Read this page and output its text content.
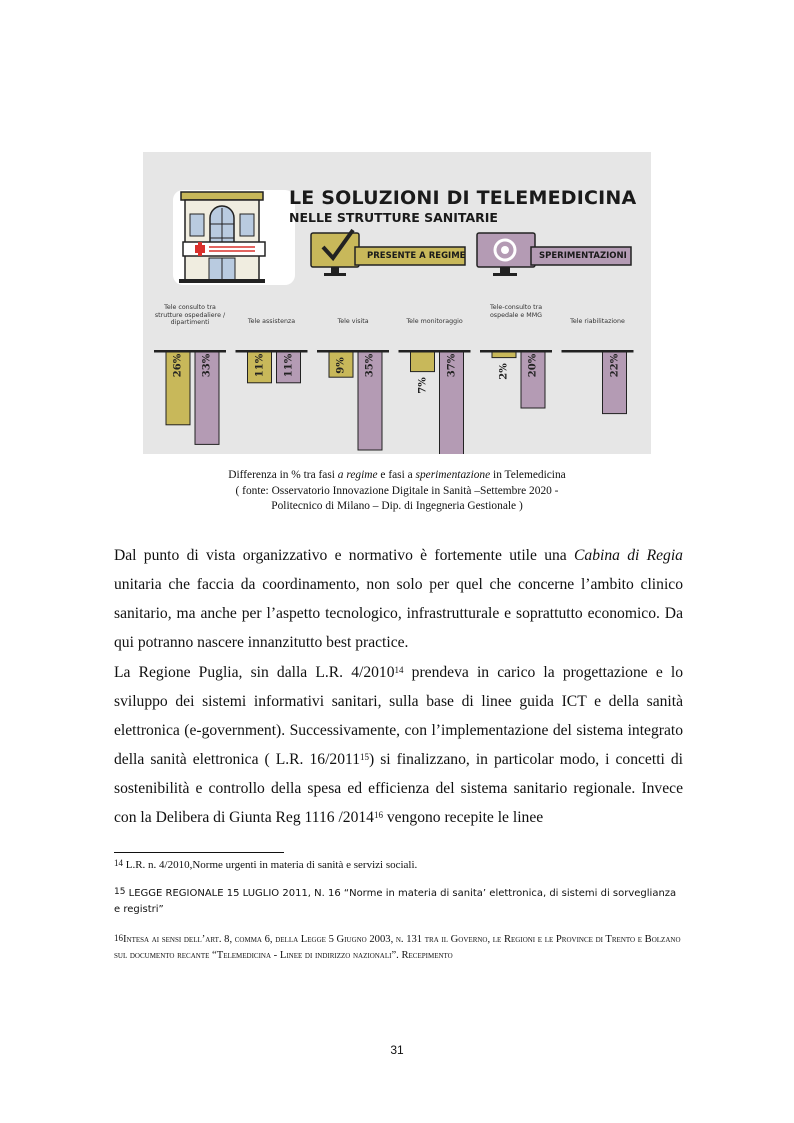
LE SOLUZIONI DI TELEMEDICINA
NELLE STRUTTURE SANITARIE
PRESENTE A REGIME	SPERIMENTAZIONI
Tele consulto tra strutture ospedaliere / dipartimenti	Tele assistenza	Tele visita	Tele monitoraggio
Tele-consulto tra ospedale e MMG
Tele riabilitazione
26% 33%	11% 11%	9% 35%
7%
37%	2% 20%	22%
Differenza in % tra fasi a regime e fasi a sperimentazione in Telemedicina
( fonte: Osservatorio Innovazione Digitale in Sanità –Settembre 2020 -
Politecnico di Milano – Dip. di Ingegneria Gestionale )

Dal punto di vista organizzativo e normativo è fortemente utile una Cabina di Regia unitaria che faccia da coordinamento, non solo per quel che concerne l’ambito clinico sanitario, ma anche per l’aspetto tecnologico, infrastrutturale e soprattutto economico. Da qui potranno nascere innanzitutto best practice.

La Regione Puglia, sin dalla L.R. 4/2010$^{14}$ prendeva in carico la progettazione e lo sviluppo dei sistemi informativi sanitari, sulla base di linee guida ICT e della sanità elettronica (e-government). Successivamente, con l’implementazione del sistema integrato della sanità elettronica ( L.R. 16/2011$^{15}$) si finalizzano, in particolar modo, i concetti di sostenibilità e controllo della spesa ed efficienza del sistema sanitario regionale. Invece con la Delibera di Giunta Reg 1116 /2014$^{16}$ vengono recepite le linee

$^{14}$ L.R. n. 4/2010,Norme urgenti in materia di sanità e servizi sociali.
$^{15}$ LEGGE REGIONALE 15 LUGLIO 2011, N. 16 “Norme in materia di sanita’ elettronica, di sistemi di sorveglianza e registri”
$^{16}$Intesa ai sensi dell’art. 8, comma 6, della Legge 5 Giugno 2003, n. 131 tra il Governo, le Regioni e le Province di Trento e Bolzano sul documento recante “Telemedicina - Linee di indirizzo nazionali”. Recepimento
31
